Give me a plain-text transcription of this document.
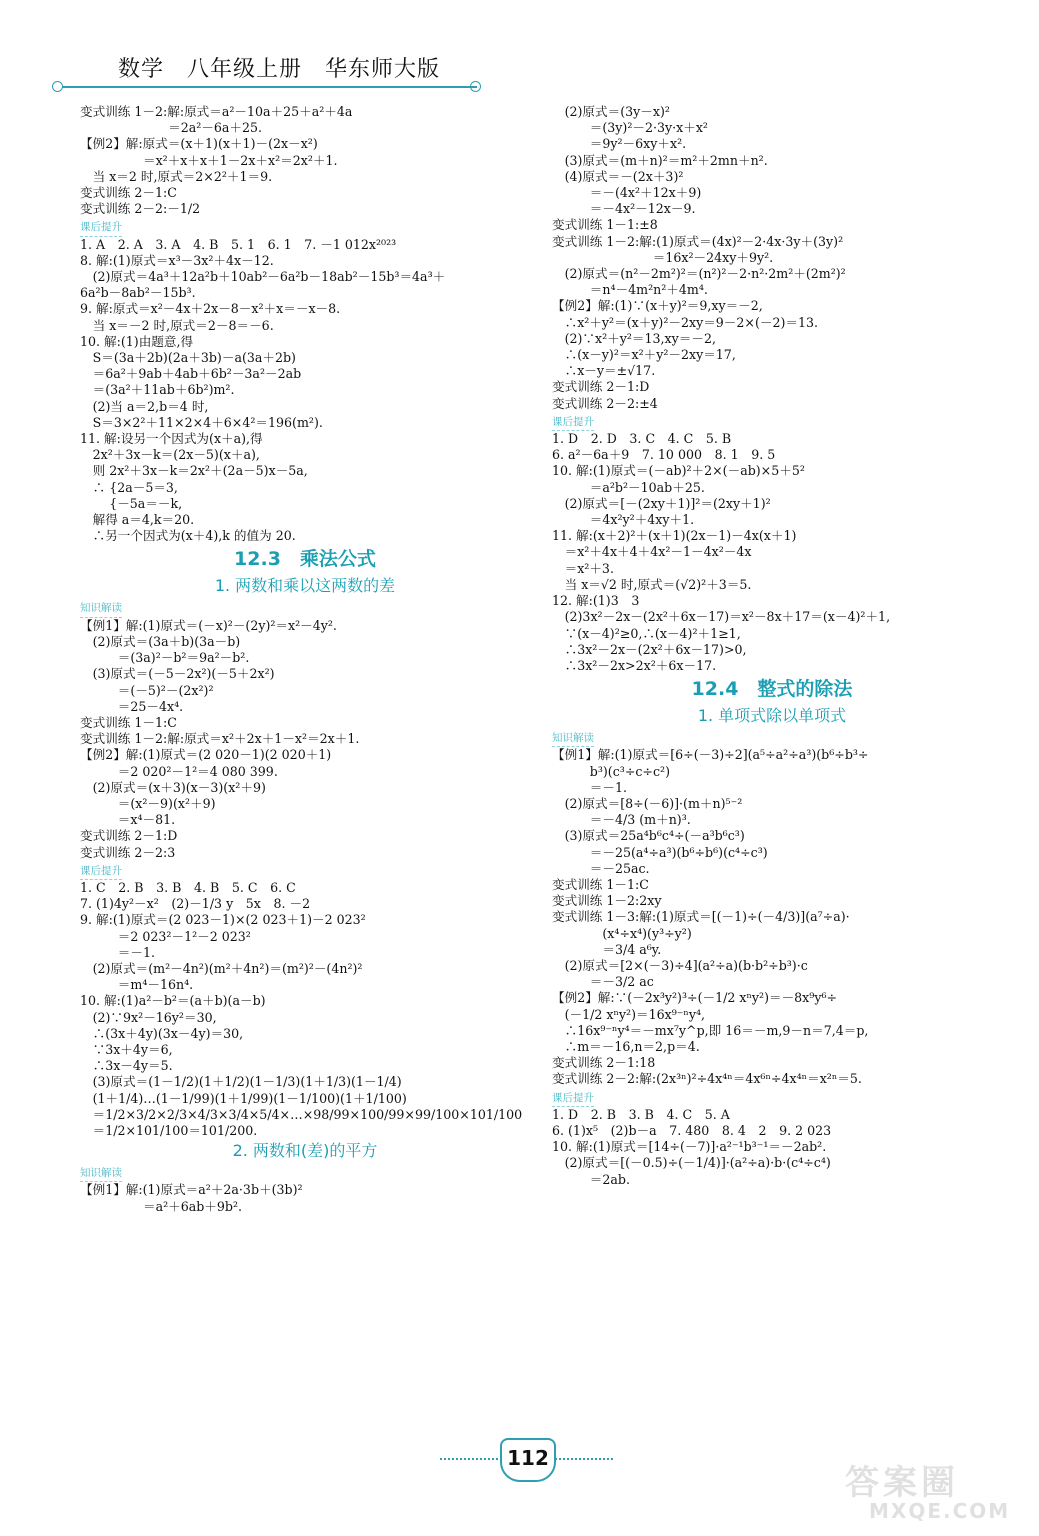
数学　八年级上册　华东师大版
变式训练 1－2:解:原式＝a²－10a＋25＋a²＋4a
　　　　　　　＝2a²－6a＋25.
【例2】解:原式＝(x＋1)(x＋1)－(2x－x²)
　　　　　＝x²＋x＋x＋1－2x＋x²＝2x²＋1.
　当 x＝2 时,原式＝2×2²＋1＝9.
变式训练 2－1:C
变式训练 2－2:－1/2
课后提升
1. A　2. A　3. A　4. B　5. 1　6. 1　7. －1 012x²⁰²³
8. 解:(1)原式＝x³－3x²＋4x－12.
　(2)原式＝4a³＋12a²b＋10ab²－6a²b－18ab²－15b³＝4a³＋
6a²b－8ab²－15b³.
9. 解:原式＝x²－4x＋2x－8－x²＋x＝－x－8.
　当 x＝－2 时,原式＝2－8＝－6.
10. 解:(1)由题意,得
　S＝(3a＋2b)(2a＋3b)－a(3a＋2b)
　＝6a²＋9ab＋4ab＋6b²－3a²－2ab
　＝(3a²＋11ab＋6b²)m².
　(2)当 a＝2,b＝4 时,
　S＝3×2²＋11×2×4＋6×4²＝196(m²).
11. 解:设另一个因式为(x＋a),得
　2x²＋3x－k＝(2x－5)(x＋a),
　则 2x²＋3x－k＝2x²＋(2a－5)x－5a,
　∴ {2a－5＝3,
　　 {－5a＝－k,
　解得 a＝4,k＝20.
　∴另一个因式为(x＋4),k 的值为 20.
12.3　乘法公式
1. 两数和乘以这两数的差
知识解读
【例1】解:(1)原式＝(－x)²－(2y)²＝x²－4y².
　(2)原式＝(3a＋b)(3a－b)
　　　＝(3a)²－b²＝9a²－b².
　(3)原式＝(－5－2x²)(－5＋2x²)
　　　＝(－5)²－(2x²)²
　　　＝25－4x⁴.
变式训练 1－1:C
变式训练 1－2:解:原式＝x²＋2x＋1－x²＝2x＋1.
【例2】解:(1)原式＝(2 020－1)(2 020＋1)
　　　＝2 020²－1²＝4 080 399.
　(2)原式＝(x＋3)(x－3)(x²＋9)
　　　＝(x²－9)(x²＋9)
　　　＝x⁴－81.
变式训练 2－1:D
变式训练 2－2:3
课后提升
1. C　2. B　3. B　4. B　5. C　6. C
7. (1)4y²－x²　(2)－1/3 y　5x　8. －2
9. 解:(1)原式＝(2 023－1)×(2 023＋1)－2 023²
　　　＝2 023²－1²－2 023²
　　　＝－1.
　(2)原式＝(m²－4n²)(m²＋4n²)＝(m²)²－(4n²)²
　　　＝m⁴－16n⁴.
10. 解:(1)a²－b²＝(a＋b)(a－b)
　(2)∵9x²－16y²＝30,
　∴(3x＋4y)(3x－4y)＝30,
　∵3x＋4y＝6,
　∴3x－4y＝5.
　(3)原式＝(1－1/2)(1＋1/2)(1－1/3)(1＋1/3)(1－1/4)
　(1＋1/4)…(1－1/99)(1＋1/99)(1－1/100)(1＋1/100)
　＝1/2×3/2×2/3×4/3×3/4×5/4×…×98/99×100/99×99/100×101/100
　＝1/2×101/100＝101/200.
2. 两数和(差)的平方
知识解读
【例1】解:(1)原式＝a²＋2a·3b＋(3b)²
　　　　　＝a²＋6ab＋9b².
　(2)原式＝(3y－x)²
　　　＝(3y)²－2·3y·x＋x²
　　　＝9y²－6xy＋x².
　(3)原式＝(m＋n)²＝m²＋2mn＋n².
　(4)原式＝－(2x＋3)²
　　　＝－(4x²＋12x＋9)
　　　＝－4x²－12x－9.
变式训练 1－1:±8
变式训练 1－2:解:(1)原式＝(4x)²－2·4x·3y＋(3y)²
　　　　　　　　＝16x²－24xy＋9y².
　(2)原式＝(n²－2m²)²＝(n²)²－2·n²·2m²＋(2m²)²
　　　＝n⁴－4m²n²＋4m⁴.
【例2】解:(1)∵(x＋y)²＝9,xy＝－2,
　∴x²＋y²＝(x＋y)²－2xy＝9－2×(－2)＝13.
　(2)∵x²＋y²＝13,xy＝－2,
　∴(x－y)²＝x²＋y²－2xy＝17,
　∴x－y＝±√17.
变式训练 2－1:D
变式训练 2－2:±4
课后提升
1. D　2. D　3. C　4. C　5. B
6. a²－6a＋9　7. 10 000　8. 1　9. 5
10. 解:(1)原式＝(－ab)²＋2×(－ab)×5＋5²
　　　＝a²b²－10ab＋25.
　(2)原式＝[－(2xy＋1)]²＝(2xy＋1)²
　　　＝4x²y²＋4xy＋1.
11. 解:(x＋2)²＋(x＋1)(2x－1)－4x(x＋1)
　＝x²＋4x＋4＋4x²－1－4x²－4x
　＝x²＋3.
　当 x＝√2 时,原式＝(√2)²＋3＝5.
12. 解:(1)3　3
　(2)3x²－2x－(2x²＋6x－17)＝x²－8x＋17＝(x－4)²＋1,
　∵(x－4)²≥0,∴(x－4)²＋1≥1,
　∴3x²－2x－(2x²＋6x－17)>0,
　∴3x²－2x>2x²＋6x－17.
12.4　整式的除法
1. 单项式除以单项式
知识解读
【例1】解:(1)原式＝[6÷(－3)÷2](a⁵÷a²÷a³)(b⁶÷b³÷
　　　b³)(c³÷c÷c²)
　　　＝－1.
　(2)原式＝[8÷(－6)]·(m＋n)⁵⁻²
　　　＝－4/3 (m＋n)³.
　(3)原式＝25a⁴b⁶c⁴÷(－a³b⁶c³)
　　　＝－25(a⁴÷a³)(b⁶÷b⁶)(c⁴÷c³)
　　　＝－25ac.
变式训练 1－1:C
变式训练 1－2:2xy
变式训练 1－3:解:(1)原式＝[(－1)÷(－4/3)](a⁷÷a)·
　　　　(x⁴÷x⁴)(y³÷y²)
　　　　＝3/4 a⁶y.
　(2)原式＝[2×(－3)÷4](a²÷a)(b·b²÷b³)·c
　　　＝－3/2 ac
【例2】解:∵(－2x³y²)³÷(－1/2 xⁿy²)＝－8x⁹y⁶÷
　(－1/2 xⁿy²)＝16x⁹⁻ⁿy⁴,
　∴16x⁹⁻ⁿy⁴＝－mx⁷y^p,即 16＝－m,9－n＝7,4＝p,
　∴m＝－16,n＝2,p＝4.
变式训练 2－1:18
变式训练 2－2:解:(2x³ⁿ)²÷4x⁴ⁿ＝4x⁶ⁿ÷4x⁴ⁿ＝x²ⁿ＝5.
课后提升
1. D　2. B　3. B　4. C　5. A
6. (1)x⁵　(2)b－a　7. 480　8. 4　2　9. 2 023
10. 解:(1)原式＝[14÷(－7)]·a²⁻¹b³⁻¹＝－2ab².
　(2)原式＝[(－0.5)÷(－1/4)]·(a²÷a)·b·(c⁴÷c⁴)
　　　＝2ab.
112
答案圈
MXQE.COM
